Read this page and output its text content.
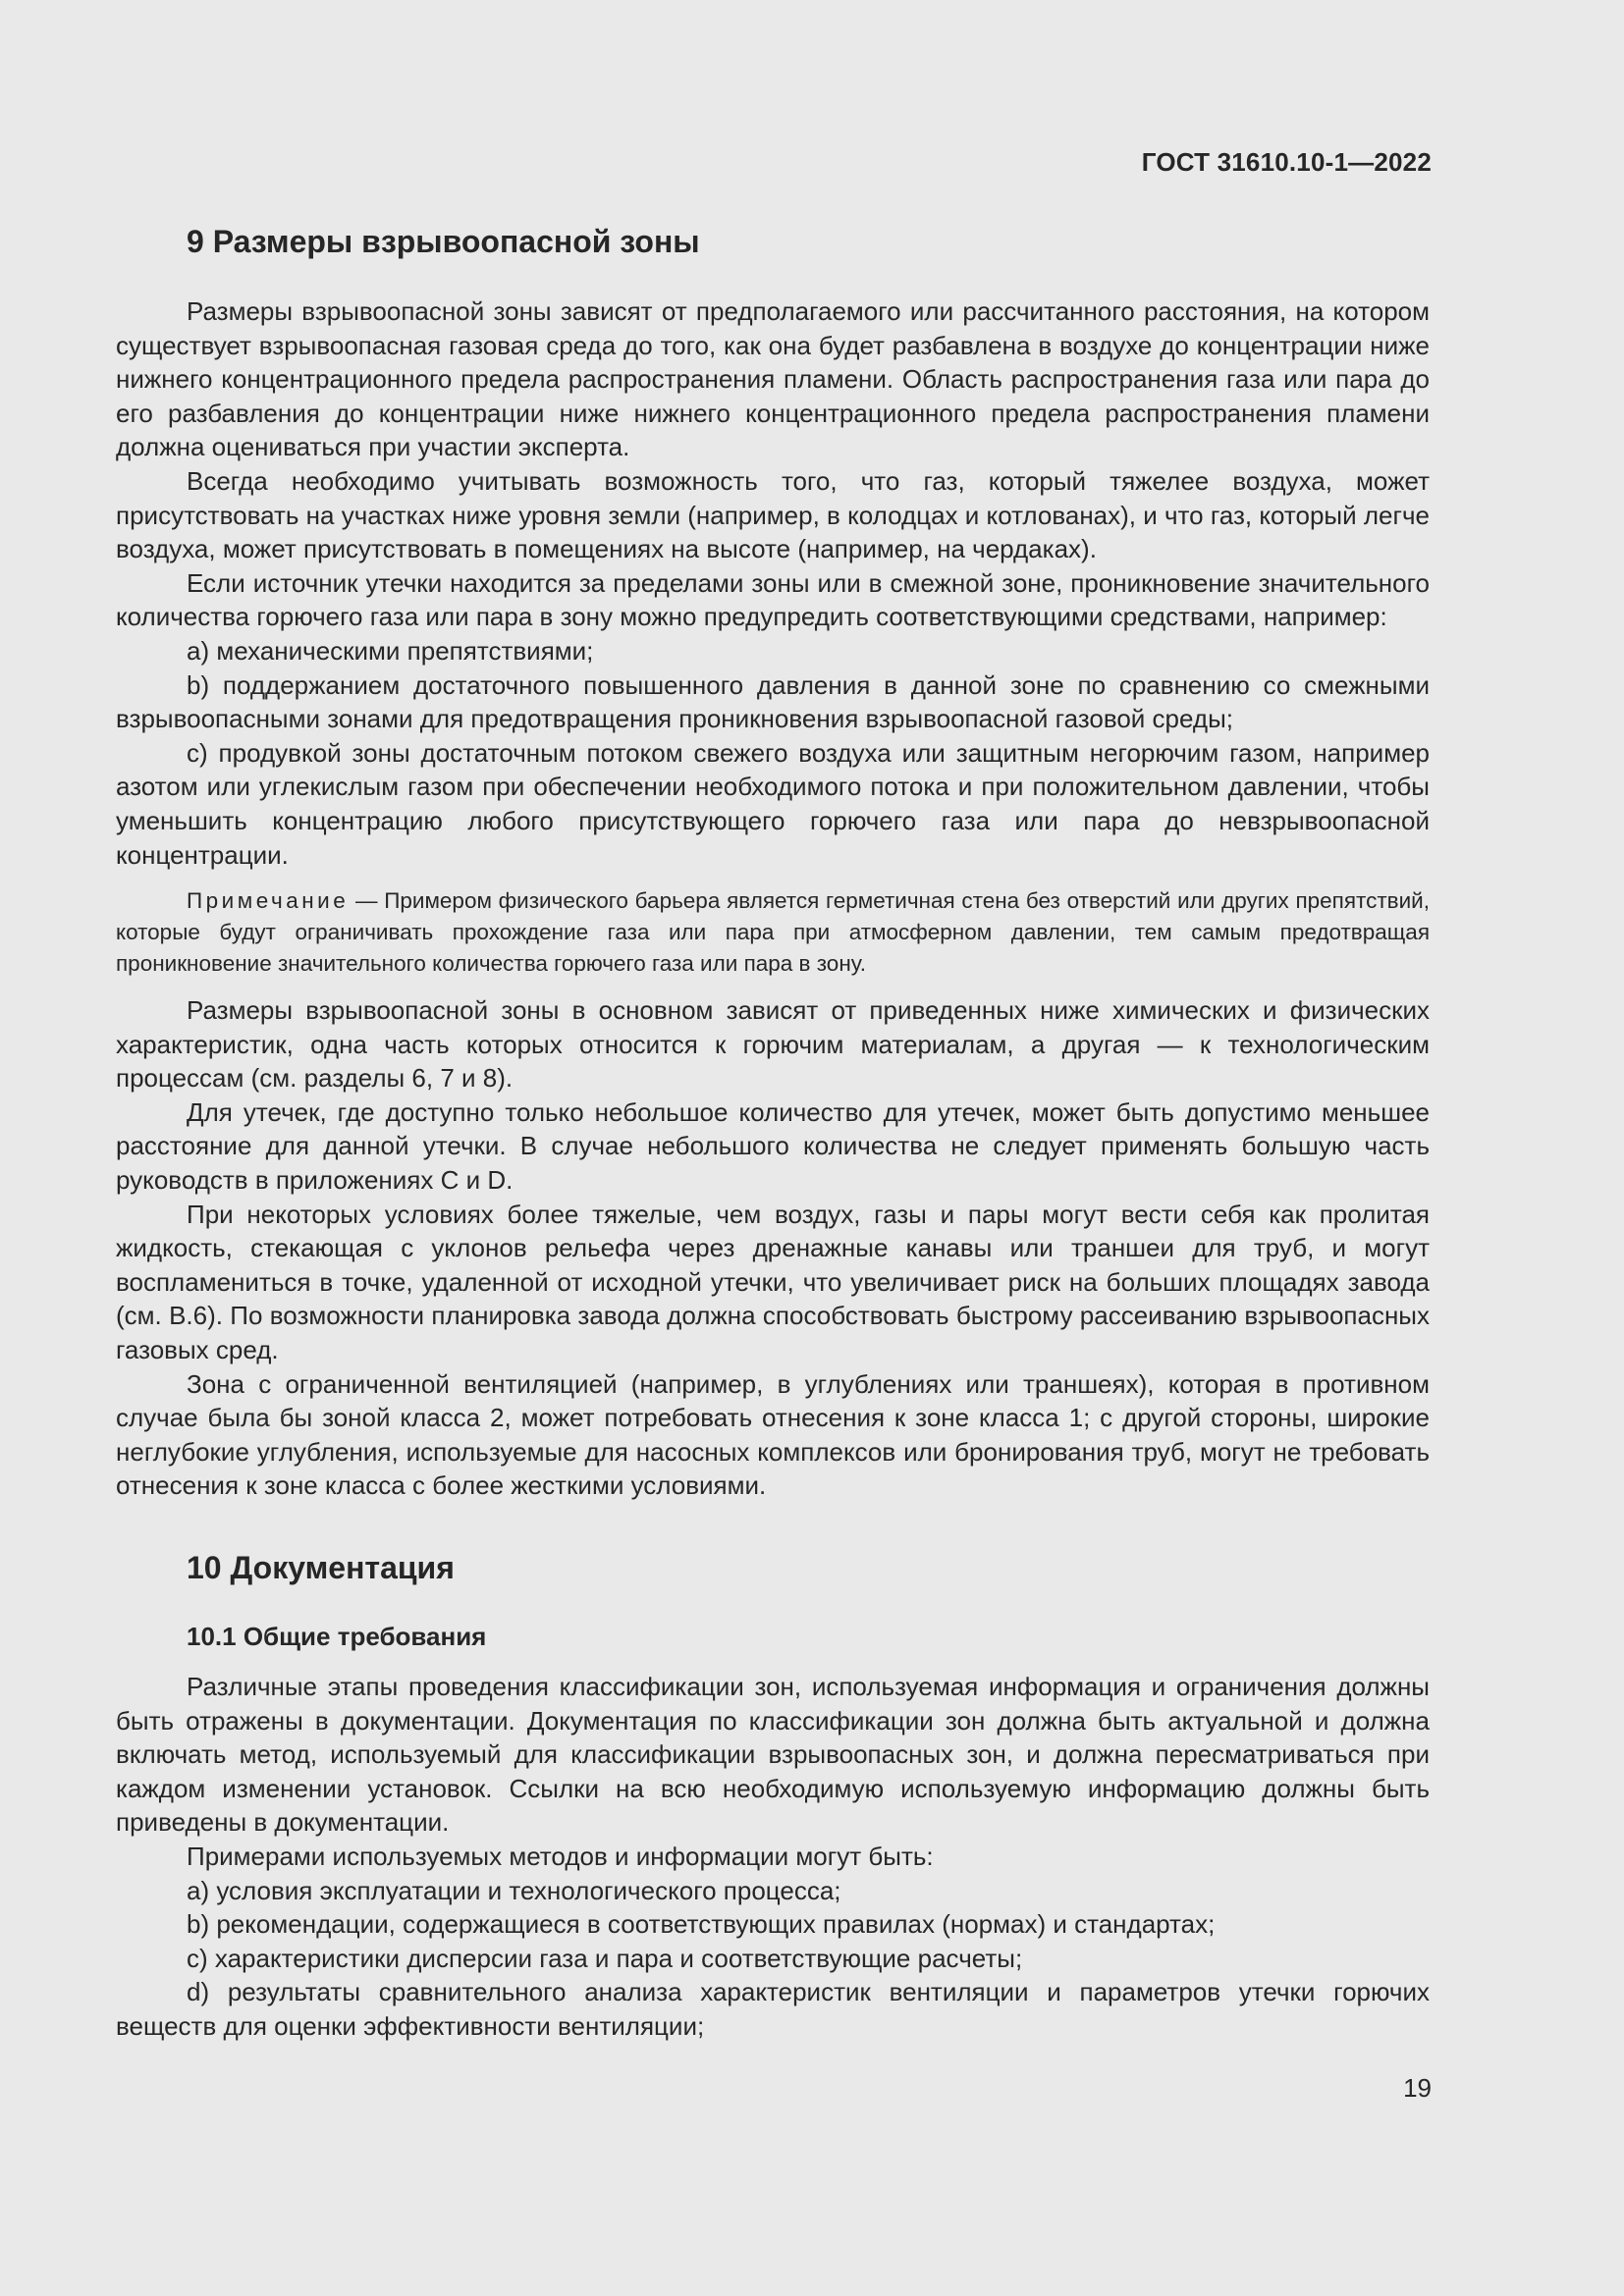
ГОСТ 31610.10-1—2022
9 Размеры взрывоопасной зоны

Размеры взрывоопасной зоны зависят от предполагаемого или рассчитанного расстояния, на котором существует взрывоопасная газовая среда до того, как она будет разбавлена в воздухе до концентрации ниже нижнего концентрационного предела распространения пламени. Область распространения газа или пара до его разбавления до концентрации ниже нижнего концентрационного предела распространения пламени должна оцениваться при участии эксперта.

Всегда необходимо учитывать возможность того, что газ, который тяжелее воздуха, может присутствовать на участках ниже уровня земли (например, в колодцах и котлованах), и что газ, который легче воздуха, может присутствовать в помещениях на высоте (например, на чердаках).

Если источник утечки находится за пределами зоны или в смежной зоне, проникновение значительного количества горючего газа или пара в зону можно предупредить соответствующими средствами, например:

a) механическими препятствиями;

b) поддержанием достаточного повышенного давления в данной зоне по сравнению со смежными взрывоопасными зонами для предотвращения проникновения взрывоопасной газовой среды;

c) продувкой зоны достаточным потоком свежего воздуха или защитным негорючим газом, например азотом или углекислым газом при обеспечении необходимого потока и при положительном давлении, чтобы уменьшить концентрацию любого присутствующего горючего газа или пара до невзрывоопасной концентрации.

Примечание — Примером физического барьера является герметичная стена без отверстий или других препятствий, которые будут ограничивать прохождение газа или пара при атмосферном давлении, тем самым предотвращая проникновение значительного количества горючего газа или пара в зону.

Размеры взрывоопасной зоны в основном зависят от приведенных ниже химических и физических характеристик, одна часть которых относится к горючим материалам, а другая — к технологическим процессам (см. разделы 6, 7 и 8).

Для утечек, где доступно только небольшое количество для утечек, может быть допустимо меньшее расстояние для данной утечки. В случае небольшого количества не следует применять большую часть руководств в приложениях С и D.

При некоторых условиях более тяжелые, чем воздух, газы и пары могут вести себя как пролитая жидкость, стекающая с уклонов рельефа через дренажные канавы или траншеи для труб, и могут воспламениться в точке, удаленной от исходной утечки, что увеличивает риск на больших площадях завода (см. В.6). По возможности планировка завода должна способствовать быстрому рассеиванию взрывоопасных газовых сред.

Зона с ограниченной вентиляцией (например, в углублениях или траншеях), которая в противном случае была бы зоной класса 2, может потребовать отнесения к зоне класса 1; с другой стороны, широкие неглубокие углубления, используемые для насосных комплексов или бронирования труб, могут не требовать отнесения к зоне класса с более жесткими условиями.

10 Документация
10.1 Общие требования

Различные этапы проведения классификации зон, используемая информация и ограничения должны быть отражены в документации. Документация по классификации зон должна быть актуальной и должна включать метод, используемый для классификации взрывоопасных зон, и должна пересматриваться при каждом изменении установок. Ссылки на всю необходимую используемую информацию должны быть приведены в документации.

Примерами используемых методов и информации могут быть:

a) условия эксплуатации и технологического процесса;

b) рекомендации, содержащиеся в соответствующих правилах (нормах) и стандартах;

c) характеристики дисперсии газа и пара и соответствующие расчеты;

d) результаты сравнительного анализа характеристик вентиляции и параметров утечки горючих веществ для оценки эффективности вентиляции;

19
